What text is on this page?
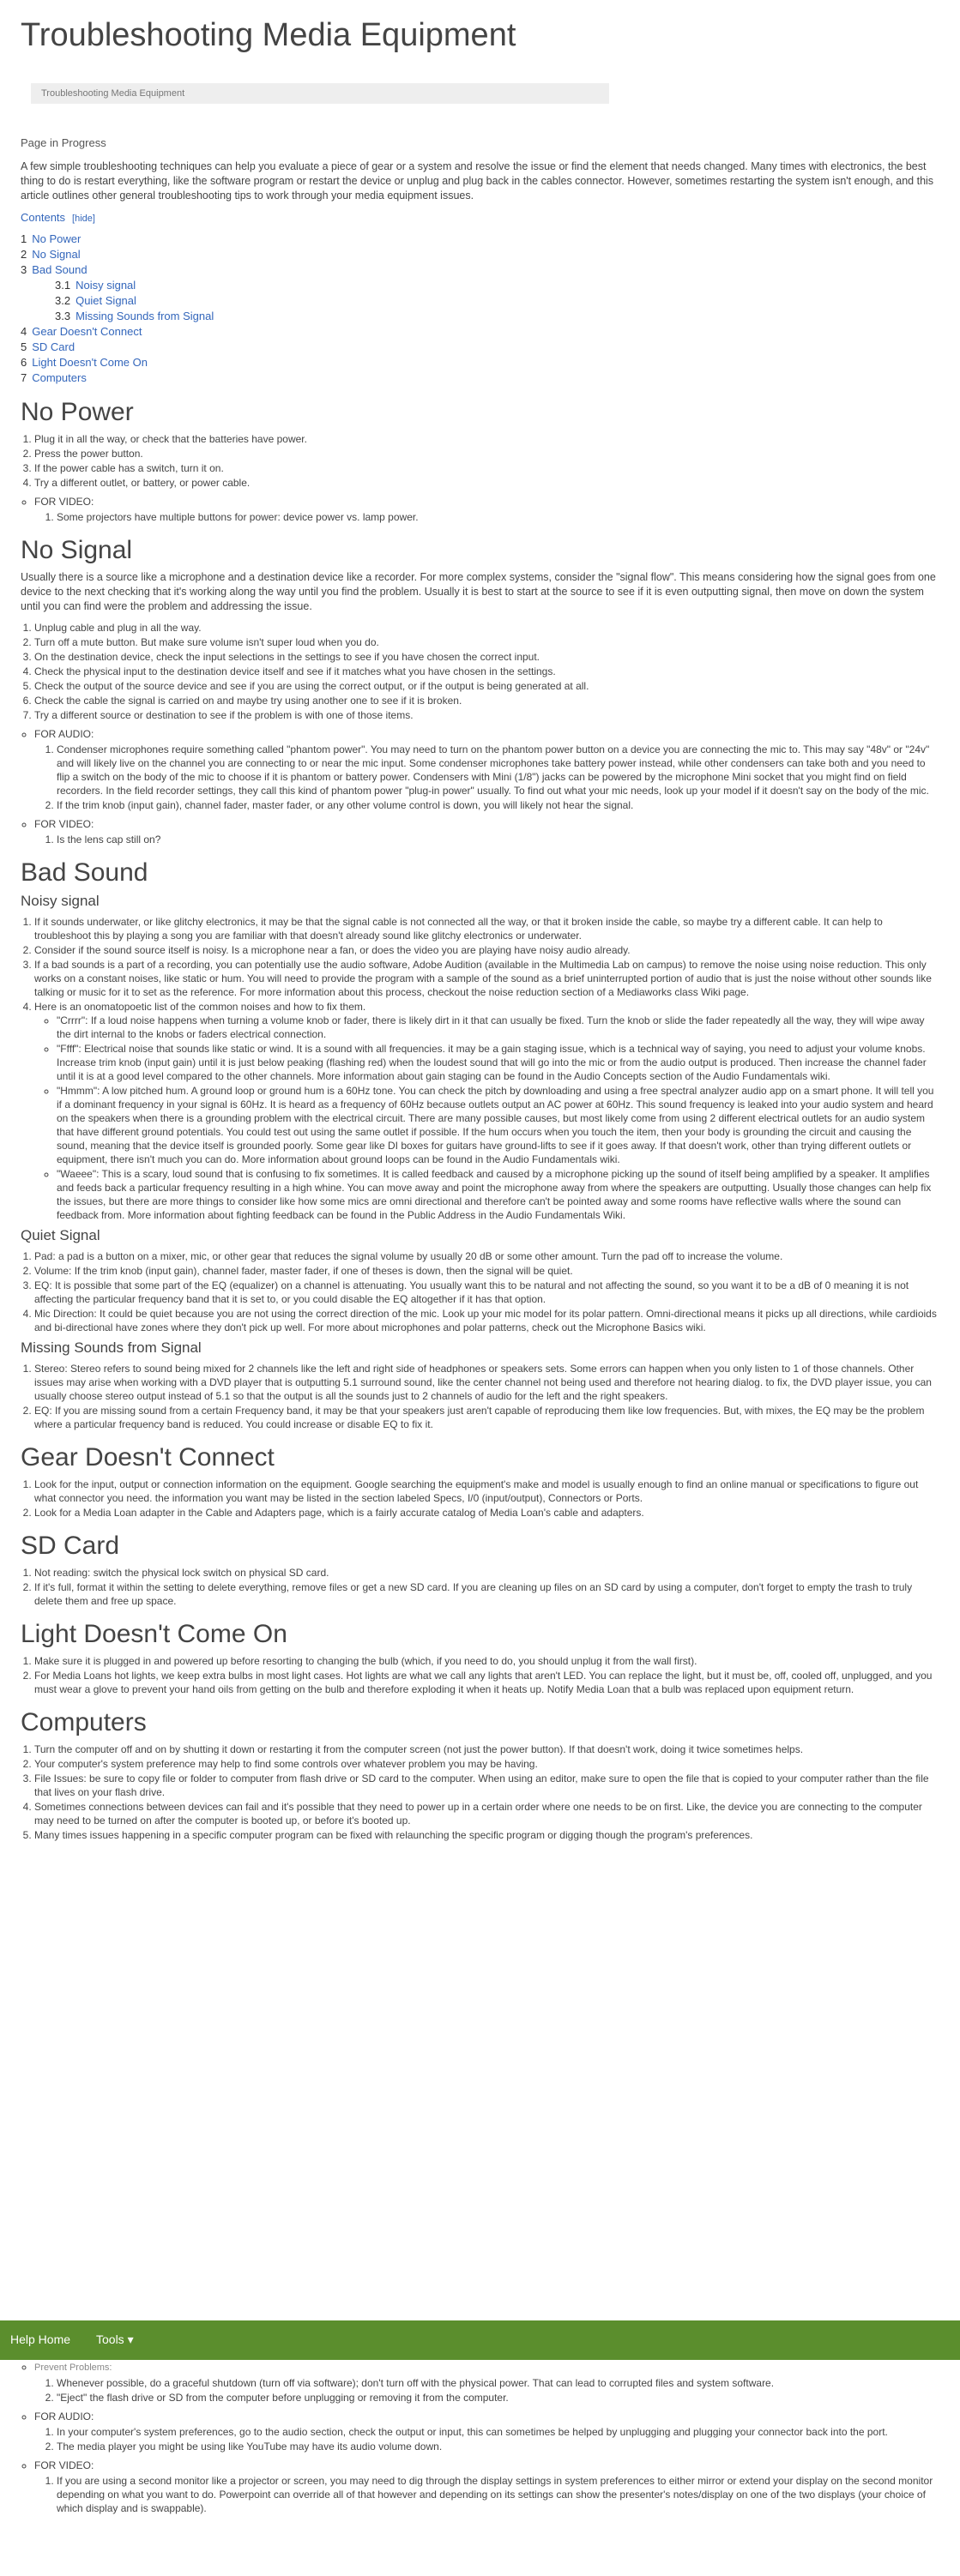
Troubleshooting Media Equipment
Troubleshooting Media Equipment
Page in Progress

A few simple troubleshooting techniques can help you evaluate a piece of gear or a system and resolve the issue or find the element that needs changed. Many times with electronics, the best thing to do is restart everything, like the software program or restart the device or unplug and plug back in the cables connector. However, sometimes restarting the system isn't enough, and this article outlines other general troubleshooting tips to work through your media equipment issues.

Contents [hide]
1 No Power
2 No Signal
3 Bad Sound
3.1 Noisy signal
3.2 Quiet Signal
3.3 Missing Sounds from Signal
4 Gear Doesn't Connect
5 SD Card
6 Light Doesn't Come On
7 Computers
No Power
1. Plug it in all the way, or check that the batteries have power.
2. Press the power button.
3. If the power cable has a switch, turn it on.
4. Try a different outlet, or battery, or power cable.
◦ FOR VIDEO:
1. Some projectors have multiple buttons for power: device power vs. lamp power.
No Signal

Usually there is a source like a microphone and a destination device like a recorder. For more complex systems, consider the "signal flow". This means considering how the signal goes from one device to the next checking that it's working along the way until you find the problem. Usually it is best to start at the source to see if it is even outputting signal, then move on down the system until you can find were the problem and addressing the issue.

1. Unplug cable and plug in all the way.
2. Turn off a mute button. But make sure volume isn't super loud when you do.
3. On the destination device, check the input selections in the settings to see if you have chosen the correct input.
4. Check the physical input to the destination device itself and see if it matches what you have chosen in the settings.
5. Check the output of the source device and see if you are using the correct output, or if the output is being generated at all.
6. Check the cable the signal is carried on and maybe try using another one to see if it is broken.
7. Try a different source or destination to see if the problem is with one of those items.
◦ FOR AUDIO:
1. Condenser microphones require something called "phantom power". You may need to turn on the phantom power button on a device you are connecting the mic to. This may say "48v" or "24v" and will likely live on the channel you are connecting to or near the mic input. Some condenser microphones take battery power instead, while other condensers can take both and you need to flip a switch on the body of the mic to choose if it is phantom or battery power. Condensers with Mini (1/8") jacks can be powered by the microphone Mini socket that you might find on field recorders. In the field recorder settings, they call this kind of phantom power "plug-in power" usually. To find out what your mic needs, look up your model if it doesn't say on the body of the mic.
2. If the trim knob (input gain), channel fader, master fader, or any other volume control is down, you will likely not hear the signal.
◦ FOR VIDEO:
1. Is the lens cap still on?
Bad Sound
Noisy signal
1. If it sounds underwater, or like glitchy electronics, it may be that the signal cable is not connected all the way, or that it broken inside the cable, so maybe try a different cable. It can help to troubleshoot this by playing a song you are familiar with that doesn't already sound like glitchy electronics or underwater.
2. Consider if the sound source itself is noisy. Is a microphone near a fan, or does the video you are playing have noisy audio already.
3. If a bad sounds is a part of a recording, you can potentially use the audio software, Adobe Audition (available in the Multimedia Lab on campus) to remove the noise using noise reduction. This only works on a constant noises, like static or hum. You will need to provide the program with a sample of the sound as a brief uninterrupted portion of audio that is just the noise without other sounds like talking or music for it to set as the reference. For more information about this process, checkout the noise reduction section of a Mediaworks class Wiki page.
4. Here is an onomatopoetic list of the common noises and how to fix them.
◦ "Crrrr": If a loud noise happens when turning a volume knob or fader, there is likely dirt in it that can usually be fixed. Turn the knob or slide the fader repeatedly all the way, they will wipe away the dirt internal to the knobs or faders electrical connection.
◦ "Ffff": Electrical noise that sounds like static or wind. It is a sound with all frequencies. it may be a gain staging issue, which is a technical way of saying, you need to adjust your volume knobs. Increase trim knob (input gain) until it is just below peaking (flashing red) when the loudest sound that will go into the mic or from the audio output is produced. Then increase the channel fader until it is at a good level compared to the other channels. More information about gain staging can be found in the Audio Concepts section of the Audio Fundamentals wiki.
◦ "Hmmm": A low pitched hum. A ground loop or ground hum is a 60Hz tone. You can check the pitch by downloading and using a free spectral analyzer audio app on a smart phone. It will tell you if a dominant frequency in your signal is 60Hz. It is heard as a frequency of 60Hz because outlets output an AC power at 60Hz. This sound frequency is leaked into your audio system and heard on the speakers when there is a grounding problem with the electrical circuit. There are many possible causes, but most likely come from using 2 different electrical outlets for an audio system that have different ground potentials. You could test out using the same outlet if possible. If the hum occurs when you touch the item, then your body is grounding the circuit and causing the sound, meaning that the device itself is grounded poorly. Some gear like DI boxes for guitars have ground-lifts to see if it goes away. If that doesn't work, other than trying different outlets or equipment, there isn't much you can do. More information about ground loops can be found in the Audio Fundamentals wiki.
◦ "Waeee": This is a scary, loud sound that is confusing to fix sometimes. It is called feedback and caused by a microphone picking up the sound of itself being amplified by a speaker. It amplifies and feeds back a particular frequency resulting in a high whine. You can move away and point the microphone away from where the speakers are outputting. Usually those changes can help fix the issues, but there are more things to consider like how some mics are omni directional and therefore can't be pointed away and some rooms have reflective walls where the sound can feedback from. More information about fighting feedback can be found in the Public Address in the Audio Fundamentals Wiki.
Quiet Signal
1. Pad: a pad is a button on a mixer, mic, or other gear that reduces the signal volume by usually 20 dB or some other amount. Turn the pad off to increase the volume.
2. Volume: If the trim knob (input gain), channel fader, master fader, if one of theses is down, then the signal will be quiet.
3. EQ: It is possible that some part of the EQ (equalizer) on a channel is attenuating. You usually want this to be natural and not affecting the sound, so you want it to be a dB of 0 meaning it is not affecting the particular frequency band that it is set to, or you could disable the EQ altogether if it has that option.
4. Mic Direction: It could be quiet because you are not using the correct direction of the mic. Look up your mic model for its polar pattern. Omni-directional means it picks up all directions, while cardioids and bi-directional have zones where they don't pick up well. For more about microphones and polar patterns, check out the Microphone Basics wiki.
Missing Sounds from Signal
1. Stereo: Stereo refers to sound being mixed for 2 channels like the left and right side of headphones or speakers sets. Some errors can happen when you only listen to 1 of those channels. Other issues may arise when working with a DVD player that is outputting 5.1 surround sound, like the center channel not being used and therefore not hearing dialog. to fix, the DVD player issue, you can usually choose stereo output instead of 5.1 so that the output is all the sounds just to 2 channels of audio for the left and the right speakers.
2. EQ: If you are missing sound from a certain Frequency band, it may be that your speakers just aren't capable of reproducing them like low frequencies. But, with mixes, the EQ may be the problem where a particular frequency band is reduced. You could increase or disable EQ to fix it.
Gear Doesn't Connect
1. Look for the input, output or connection information on the equipment. Google searching the equipment's make and model is usually enough to find an online manual or specifications to figure out what connector you need. the information you want may be listed in the section labeled Specs, I/0 (input/output), Connectors or Ports.
2. Look for a Media Loan adapter in the Cable and Adapters page, which is a fairly accurate catalog of Media Loan's cable and adapters.
SD Card
1. Not reading: switch the physical lock switch on physical SD card.
2. If it's full, format it within the setting to delete everything, remove files or get a new SD card. If you are cleaning up files on an SD card by using a computer, don't forget to empty the trash to truly delete them and free up space.
Light Doesn't Come On
1. Make sure it is plugged in and powered up before resorting to changing the bulb (which, if you need to do, you should unplug it from the wall first).
2. For Media Loans hot lights, we keep extra bulbs in most light cases. Hot lights are what we call any lights that aren't LED. You can replace the light, but it must be, off, cooled off, unplugged, and you must wear a glove to prevent your hand oils from getting on the bulb and therefore exploding it when it heats up. Notify Media Loan that a bulb was replaced upon equipment return.
Computers
1. Turn the computer off and on by shutting it down or restarting it from the computer screen (not just the power button). If that doesn't work, doing it twice sometimes helps.
2. Your computer's system preference may help to find some controls over whatever problem you may be having.
3. File Issues: be sure to copy file or folder to computer from flash drive or SD card to the computer. When using an editor, make sure to open the file that is copied to your computer rather than the file that lives on your flash drive.
4. Sometimes connections between devices can fail and it's possible that they need to power up in a certain order where one needs to be on first. Like, the device you are connecting to the computer may need to be turned on after the computer is booted up, or before it's booted up.
5. Many times issues happening in a specific computer program can be fixed with relaunching the specific program or digging though the program's preferences.
Help Home Tools ▾
◦ Prevent Problems:
1. Whenever possible, do a graceful shutdown (turn off via software); don't turn off with the physical power. That can lead to corrupted files and system software.
2. "Eject" the flash drive or SD from the computer before unplugging or removing it from the computer.
◦ FOR AUDIO:
1. In your computer's system preferences, go to the audio section, check the output or input, this can sometimes be helped by unplugging and plugging your connector back into the port.
2. The media player you might be using like YouTube may have its audio volume down.
◦ FOR VIDEO:
1. If you are using a second monitor like a projector or screen, you may need to dig through the display settings in system preferences to either mirror or extend your display on the second monitor depending on what you want to do. Powerpoint can override all of that however and depending on its settings can show the presenter's notes/display on one of the two displays (your choice of which display and is swappable).
